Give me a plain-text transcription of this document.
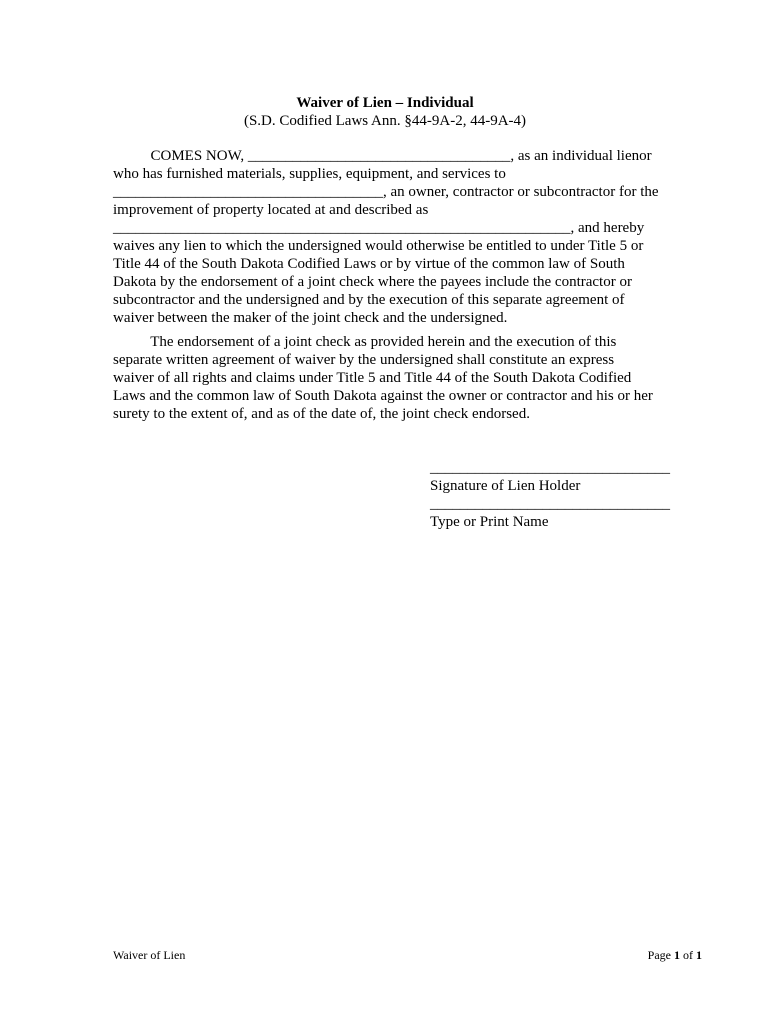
Waiver of Lien – Individual
(S.D. Codified Laws Ann. §44-9A-2, 44-9A-4)
COMES NOW, ___________________________________, as an individual lienor
who has furnished materials, supplies, equipment, and services to
____________________________________, an owner, contractor or subcontractor for the
improvement of property located at and described as
_____________________________________________________________, and hereby
waives any lien to which the undersigned would otherwise be entitled to under Title 5 or
Title 44 of the South Dakota Codified Laws or by virtue of the common law of South
Dakota by the endorsement of a joint check where the payees include the contractor or
subcontractor and the undersigned and by the execution of this separate agreement of
waiver between the maker of the joint check and the undersigned.
The endorsement of a joint check as provided herein and the execution of this
separate written agreement of waiver by the undersigned shall constitute an express
waiver of all rights and claims under Title 5 and Title 44 of the South Dakota Codified
Laws and the common law of South Dakota against the owner or contractor and his or her
surety to the extent of, and as of the date of, the joint check endorsed.
________________________________
Signature of Lien Holder
________________________________
Type or Print Name
Waiver of Lien	Page 1 of 1
